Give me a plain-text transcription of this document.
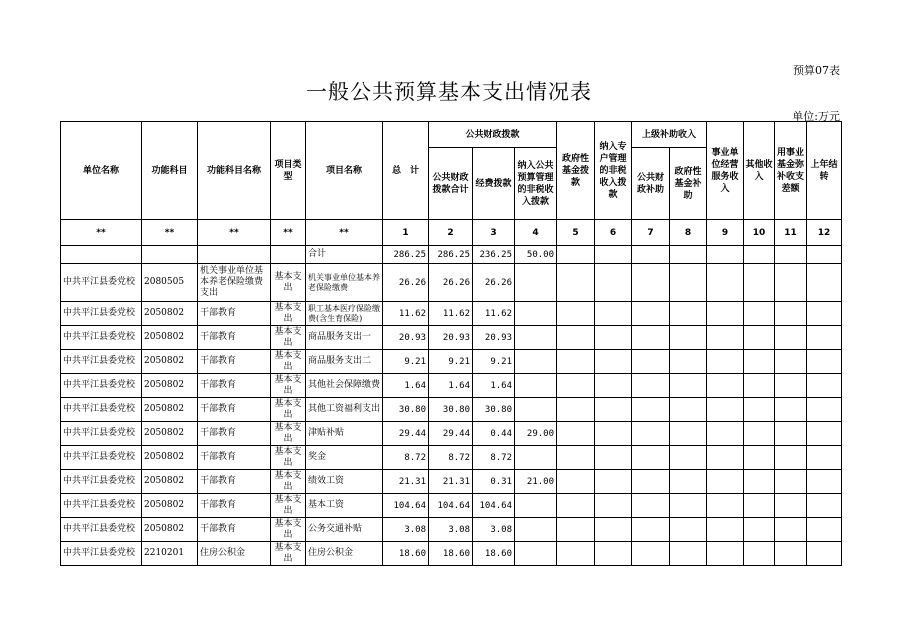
预算07表
一般公共预算基本支出情况表
单位:万元
单位名称	功能科目	功能科目名称	项目类型	项目名称	总　计	公共财政拨款			政府性基金拨款	纳入专户管理的非税收入拨款	上级补助收入		事业单位经营服务收入	其他收入	用事业基金弥补收支差额	上年结转
						公共财政拨款合计	经费拨款	纳入公共预算管理的非税收入拨款			公共财政补助	政府性基金补助				
**	**	**	**	**	1	2	3	4	5	6	7	8	9	10	11	12
				合计	286.25	286.25	236.25	50.00								
中共平江县委党校	2080505	机关事业单位基本养老保险缴费支出	基本支出	机关事业单位基本养老保险缴费	26.26	26.26	26.26									
中共平江县委党校	2050802	干部教育	基本支出	职工基本医疗保险缴费(含生育保险)	11.62	11.62	11.62									
中共平江县委党校	2050802	干部教育	基本支出	商品服务支出一	20.93	20.93	20.93									
中共平江县委党校	2050802	干部教育	基本支出	商品服务支出二	9.21	9.21	9.21									
中共平江县委党校	2050802	干部教育	基本支出	其他社会保障缴费	1.64	1.64	1.64									
中共平江县委党校	2050802	干部教育	基本支出	其他工资福利支出	30.80	30.80	30.80									
中共平江县委党校	2050802	干部教育	基本支出	津贴补贴	29.44	29.44	0.44	29.00								
中共平江县委党校	2050802	干部教育	基本支出	奖金	8.72	8.72	8.72									
中共平江县委党校	2050802	干部教育	基本支出	绩效工资	21.31	21.31	0.31	21.00								
中共平江县委党校	2050802	干部教育	基本支出	基本工资	104.64	104.64	104.64									
中共平江县委党校	2050802	干部教育	基本支出	公务交通补贴	3.08	3.08	3.08									
中共平江县委党校	2210201	住房公积金	基本支出	住房公积金	18.60	18.60	18.60									
